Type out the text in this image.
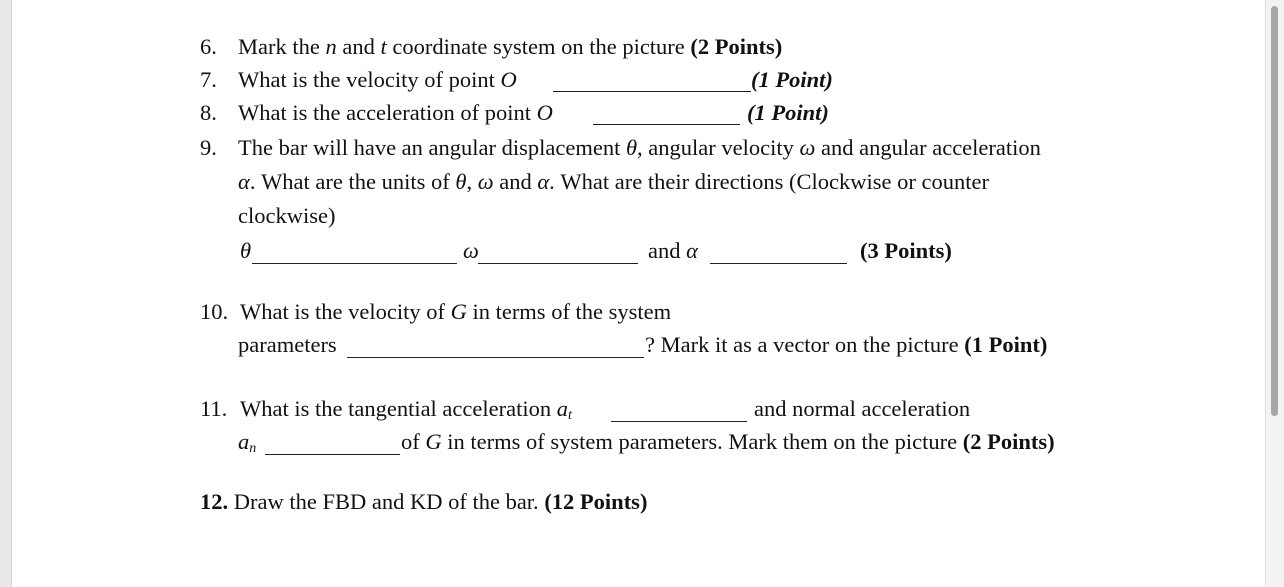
6. Mark the n and t coordinate system on the picture (2 Points)
7. What is the velocity of point O	(1 Point)
8. What is the acceleration of point O	(1 Point)
9. The bar will have an angular displacement θ, angular velocity ω and angular acceleration
α. What are the units of θ, ω and α. What are their directions (Clockwise or counter
clockwise)
θ	ω	and α	(3 Points)
10. What is the velocity of G in terms of the system
parameters	? Mark it as a vector on the picture (1 Point)
11. What is the tangential acceleration $a_t$	and normal acceleration
$a_n$	of G in terms of system parameters. Mark them on the picture (2 Points)
12. Draw the FBD and KD of the bar. (12 Points)
